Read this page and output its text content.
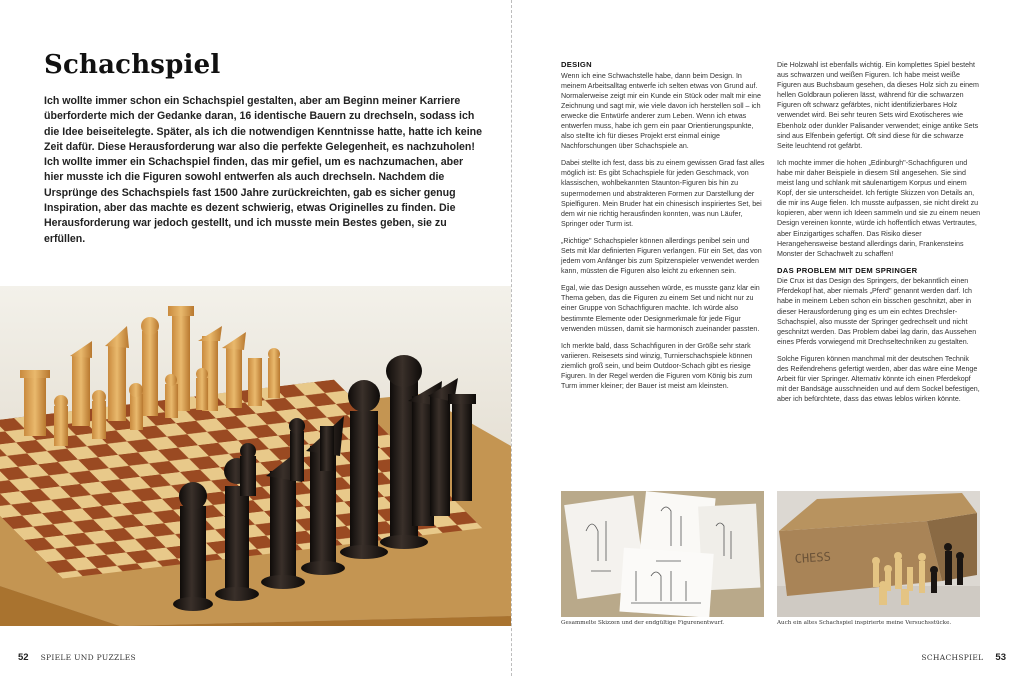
Schachspiel

Ich wollte immer schon ein Schachspiel gestalten, aber am Beginn meiner Karriere überforderte mich der Gedanke daran, 16 identische Bauern zu drechseln, sodass ich die Idee beiseitelegte. Später, als ich die notwendigen Kenntnisse hatte, hatte ich keine Zeit dafür. Diese Herausforderung war also die perfekte Gelegenheit, es nachzuholen! Ich wollte immer ein Schachspiel finden, das mir gefiel, um es nachzumachen, aber hier musste ich die Figuren sowohl entwerfen als auch drechseln. Nachdem die Ursprünge des Schachspiels fast 1500 Jahre zurückreichten, gab es sicher genug Inspiration, aber das machte es dezent schwierig, etwas Originelles zu finden. Die Herausforderung war jedoch gestellt, und ich musste mein Bestes geben, sie zu erfüllen.

52 SPIELE UND PUZZLES
DESIGN

Wenn ich eine Schwachstelle habe, dann beim Design. In meinem Arbeitsalltag entwerfe ich selten etwas von Grund auf. Normalerweise zeigt mir ein Kunde ein Stück oder malt mir eine Zeichnung und sagt mir, wie viele davon ich herstellen soll – ich erwecke die Entwürfe anderer zum Leben. Wenn ich etwas entwerfen muss, habe ich gern ein paar Orientierungspunkte, also stellte ich für dieses Projekt erst einmal einige Nachforschungen über Schachspiele an.

Dabei stellte ich fest, dass bis zu einem gewissen Grad fast alles möglich ist: Es gibt Schachspiele für jeden Geschmack, von klassischen, wohlbekannten Staunton-Figuren bis hin zu supermodernen und abstrakteren Formen zur Darstellung der Spielfiguren. Mein Bruder hat ein chinesisch inspiriertes Set, bei dem wir nie richtig herausfinden konnten, was nun Läufer, Springer oder Turm ist.

„Richtige" Schachspieler können allerdings penibel sein und Sets mit klar definierten Figuren verlangen. Für ein Set, das von jedem vom Anfänger bis zum Spitzenspieler verwendet werden kann, müssten die Figuren also leicht zu erkennen sein.

Egal, wie das Design aussehen würde, es musste ganz klar ein Thema geben, das die Figuren zu einem Set und nicht nur zu einer Gruppe von Schachfiguren machte. Ich würde also bestimmte Elemente oder Designmerkmale für jede Figur verwenden müssen, damit sie harmonisch zueinander passten.

Ich merkte bald, dass Schachfiguren in der Größe sehr stark variieren. Reisesets sind winzig, Turnierschachspiele können ziemlich groß sein, und beim Outdoor-Schach gibt es riesige Figuren. In der Regel werden die Figuren vom König bis zum Turm immer kleiner; der Bauer ist meist am kleinsten.

Die Holzwahl ist ebenfalls wichtig. Ein komplettes Spiel besteht aus schwarzen und weißen Figuren. Ich habe meist weiße Figuren aus Buchsbaum gesehen, da dieses Holz sich zu einem hellen Goldbraun polieren lässt, während für die schwarzen Figuren oft schwarz gefärbtes, nicht identifizierbares Holz verwendet wird. Bei sehr teuren Sets wird Exotischeres wie Ebenholz oder dunkler Palisander verwendet; einige antike Sets sind aus Elfenbein gefertigt. Oft sind diese für die schwarze Seite leuchtend rot gefärbt.

Ich mochte immer die hohen „Edinburgh"-Schachfiguren und habe mir daher Beispiele in diesem Stil angesehen. Sie sind meist lang und schlank mit säulenartigem Korpus und einem Kopf, der sie unterscheidet. Ich fertigte Skizzen von Details an, die mir ins Auge fielen. Ich musste aufpassen, sie nicht direkt zu kopieren, aber wenn ich Ideen sammeln und sie zu einem neuen Design vereinen konnte, würde ich hoffentlich etwas Vertrautes, aber Einzigartiges schaffen. Das Risiko dieser Herangehensweise bestand allerdings darin, Frankensteins Monster der Schachwelt zu schaffen!

DAS PROBLEM MIT DEM SPRINGER

Die Crux ist das Design des Springers, der bekanntlich einen Pferdekopf hat, aber niemals „Pferd" genannt werden darf. Ich habe in meinem Leben schon ein bisschen geschnitzt, aber in dieser Herausforderung ging es um ein echtes Drechsler-Schachspiel, also musste der Springer gedrechselt und nicht geschnitzt werden. Das Problem dabei lag darin, das Aussehen eines Pferds vorwiegend mit Drechseltechniken zu gestalten.

Solche Figuren können manchmal mit der deutschen Technik des Reifendrehens gefertigt werden, aber das wäre eine Menge Arbeit für vier Springer. Alternativ könnte ich einen Pferdekopf mit der Bandsäge ausschneiden und auf dem Sockel befestigen, aber ich befürchtete, dass das etwas leblos wirken könnte.

Gesammelte Skizzen und der endgültige Figurenentwurf.
CHESS
Auch ein altes Schachspiel inspirierte meine Versuchsstücke.
SCHACHSPIEL 53
